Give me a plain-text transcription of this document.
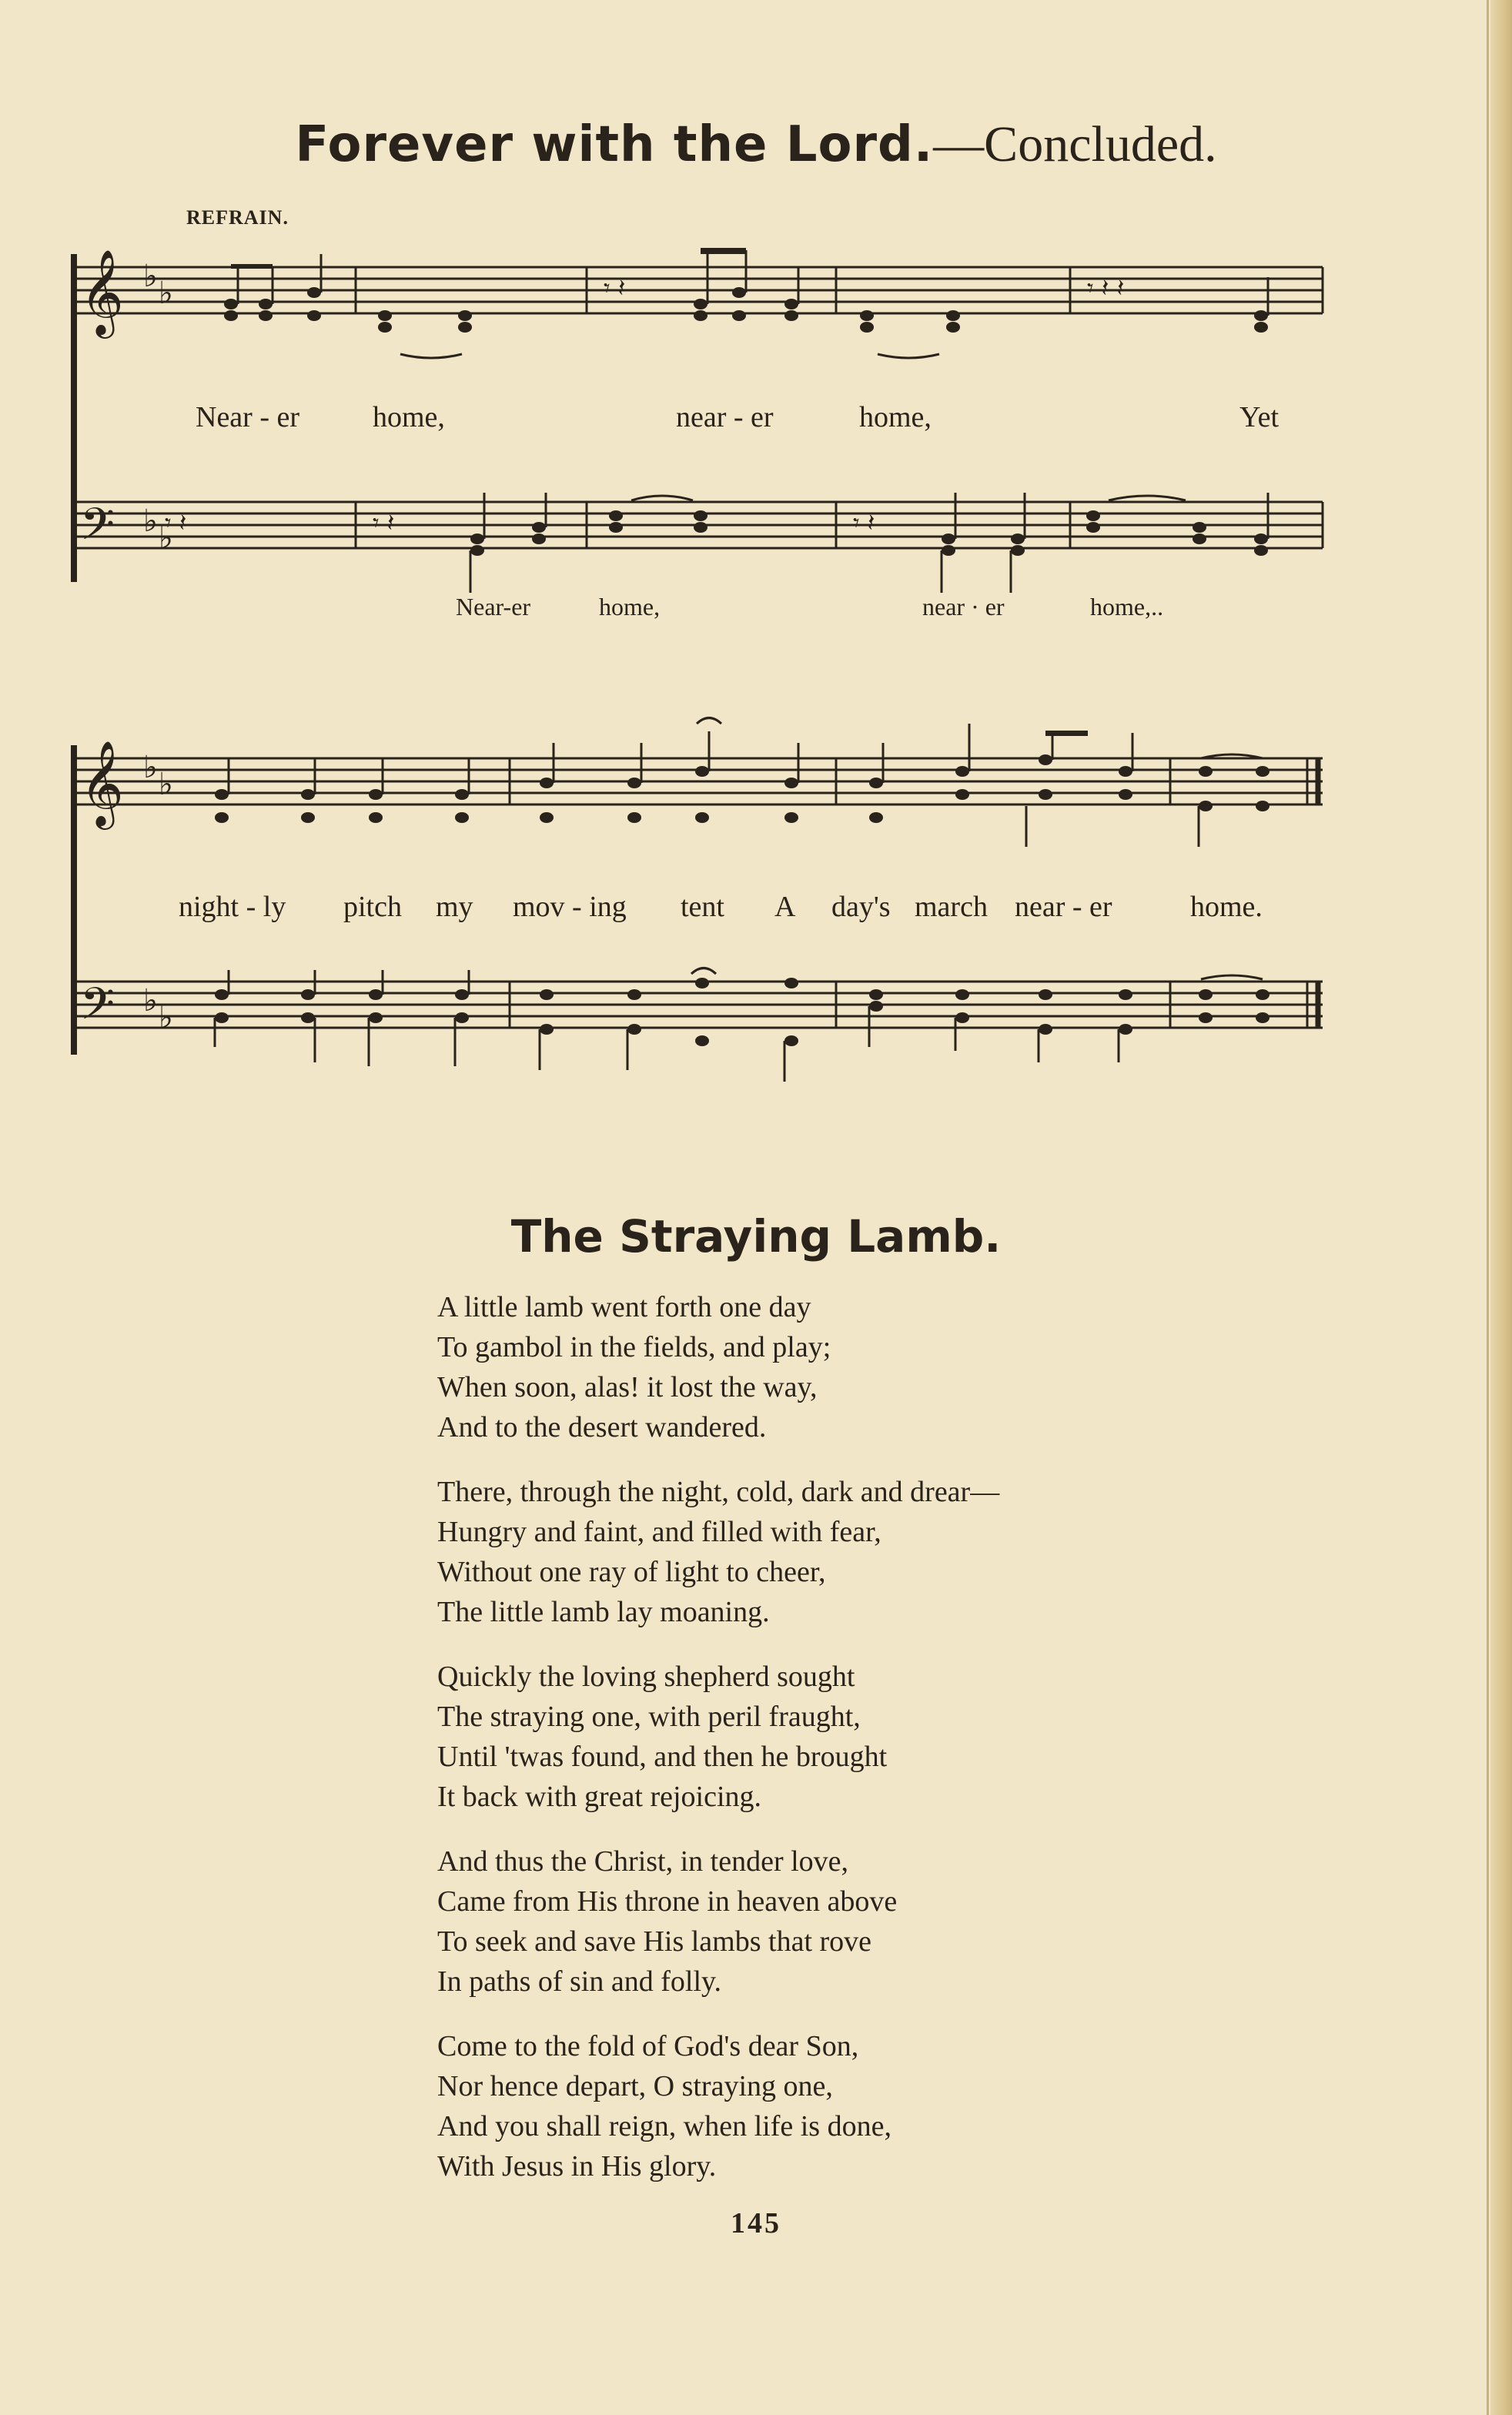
Forever with the Lord.—Concluded.
REFRAIN.
𝄞
𝄢
𝄞
𝄢
♭ ♭
♭ ♭
♭ ♭
♭ ♭
𝄾 𝄽	𝄾 𝄽 𝄽
𝄾 𝄽	𝄾 𝄽	𝄾 𝄽
Near - er home,	near - er	home,	Yet
Near-er	home,	near · er	home,..
night - ly pitch my mov - ing tent A day's march near - er	home.
The Straying Lamb.
A little lamb went forth one day
To gambol in the fields, and play;
When soon, alas! it lost the way,
And to the desert wandered.
There, through the night, cold, dark and drear—
Hungry and faint, and filled with fear,
Without one ray of light to cheer,
The little lamb lay moaning.
Quickly the loving shepherd sought
The straying one, with peril fraught,
Until 'twas found, and then he brought
It back with great rejoicing.
And thus the Christ, in tender love,
Came from His throne in heaven above
To seek and save His lambs that rove
In paths of sin and folly.
Come to the fold of God's dear Son,
Nor hence depart, O straying one,
And you shall reign, when life is done,
With Jesus in His glory.
145
